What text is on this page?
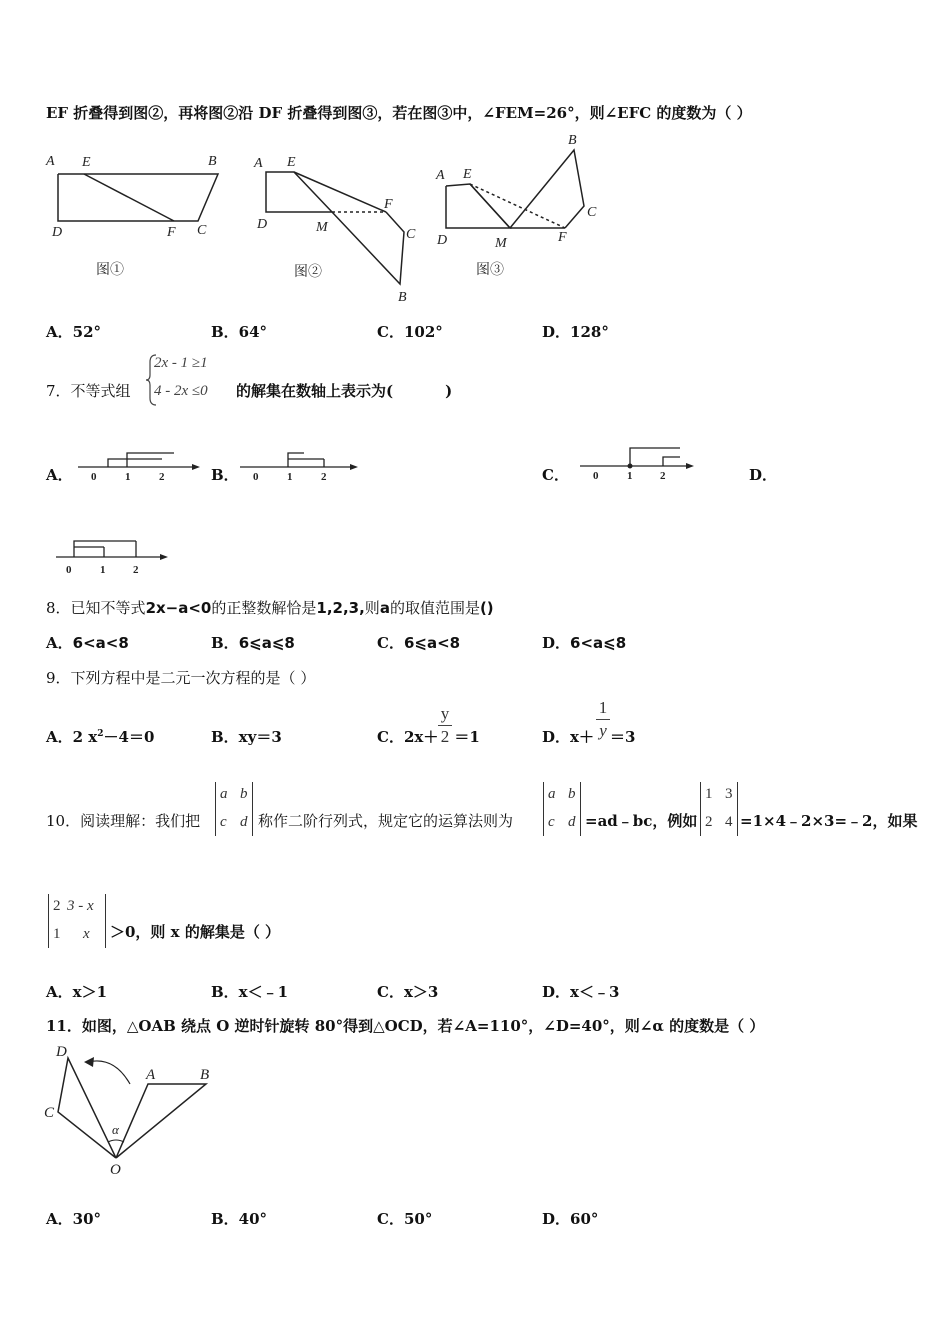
EF 折叠得到图②，再将图②沿 DF 折叠得到图③，若在图③中，∠FEM=26°，则∠EFC 的度数为（ ）
A E	B
D	F C
A E
F
D	M	C
B
A E
B
C
D	M	F
图①	图②	图③
A．52°	B．64°	C．102°	D．128°
7．不等式组
2x - 1 ≥1
4 - 2x ≤0 的解集在数轴上表示为(	)
A．	B．	C．	D．
0	1	2	0	1	2	0	1	2
0	1	2
8．已知不等式2x−a<0的正整数解恰是1,2,3,则a的取值范围是()
A．6<a<8	B．6⩽a⩽8	C．6⩽a<8	D．6<a⩽8
9．下列方程中是二元一次方程的是（ ）
A．2 $x^2-4=0$	B．xy＝3	C．2x＋ ＝1
y
2	D．x＋ ＝3
1
y
10．阅读理解：我们把
a b
c d 称作二阶行列式，规定它的运算法则为
a b
c d =ad﹣bc，例如
1 3
2 4 =1×4﹣2×3=﹣2，如果
2 3 - x
1 x ＞0，则 x 的解集是（ ）
A．x＞1	B．x＜﹣1	C．x＞3	D．x＜﹣3
11．如图，△OAB 绕点 O 逆时针旋转 80°得到△OCD，若∠A=110°，∠D=40°，则∠α 的度数是（ ）
D
A	B
C
α
O
A．30°	B．40°	C．50°	D．60°
